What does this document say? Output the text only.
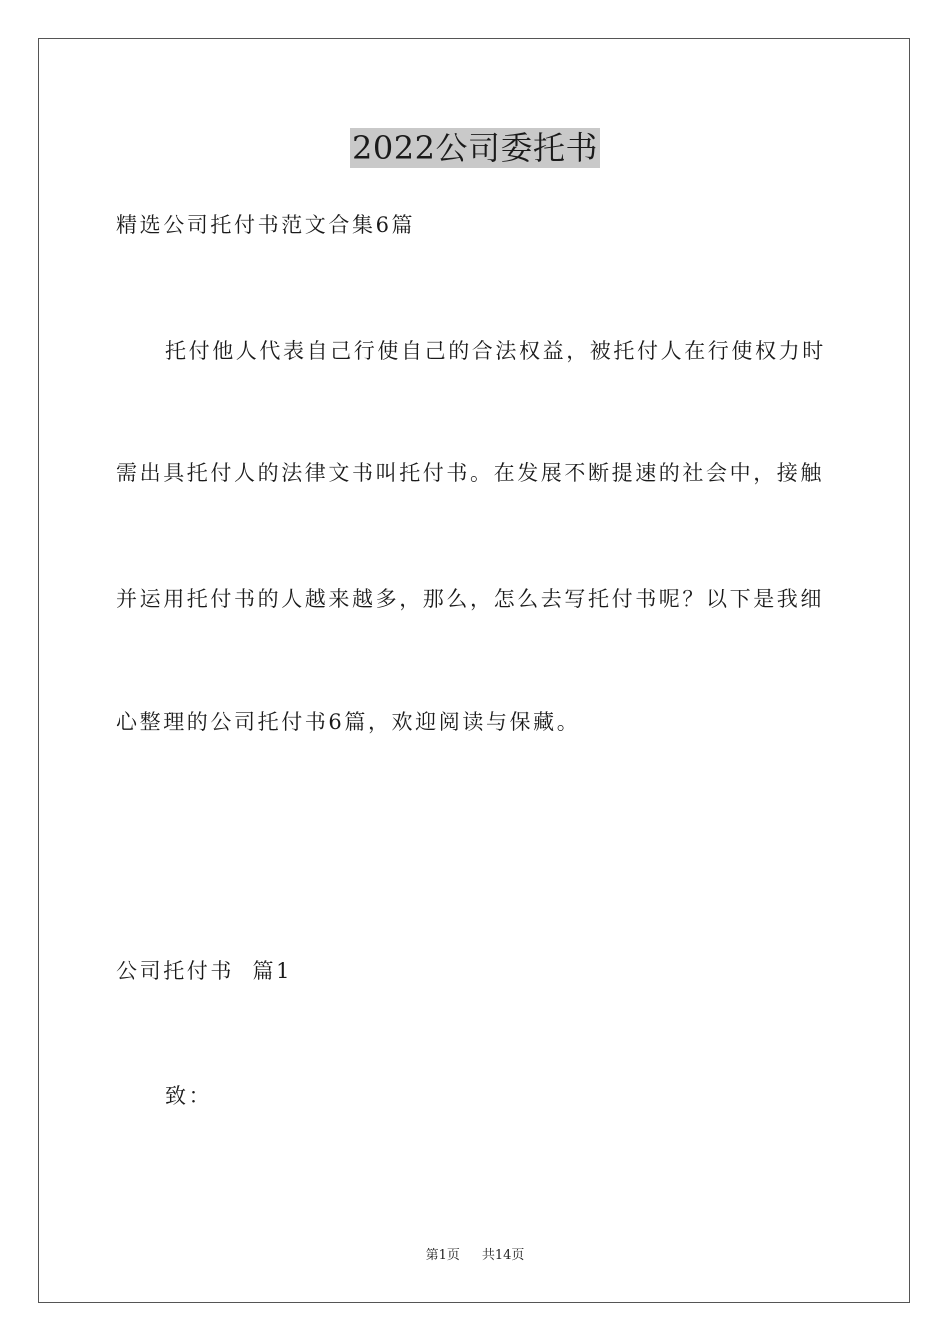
2022公司委托书
精选公司托付书范文合集6篇
托付他人代表自己行使自己的合法权益，被托付人在行使权力时
需出具托付人的法律文书叫托付书。在发展不断提速的社会中，接触
并运用托付书的人越来越多，那么，怎么去写托付书呢？以下是我细
心整理的公司托付书6篇，欢迎阅读与保藏。
公司托付书  篇1
致：
第1页 共14页
